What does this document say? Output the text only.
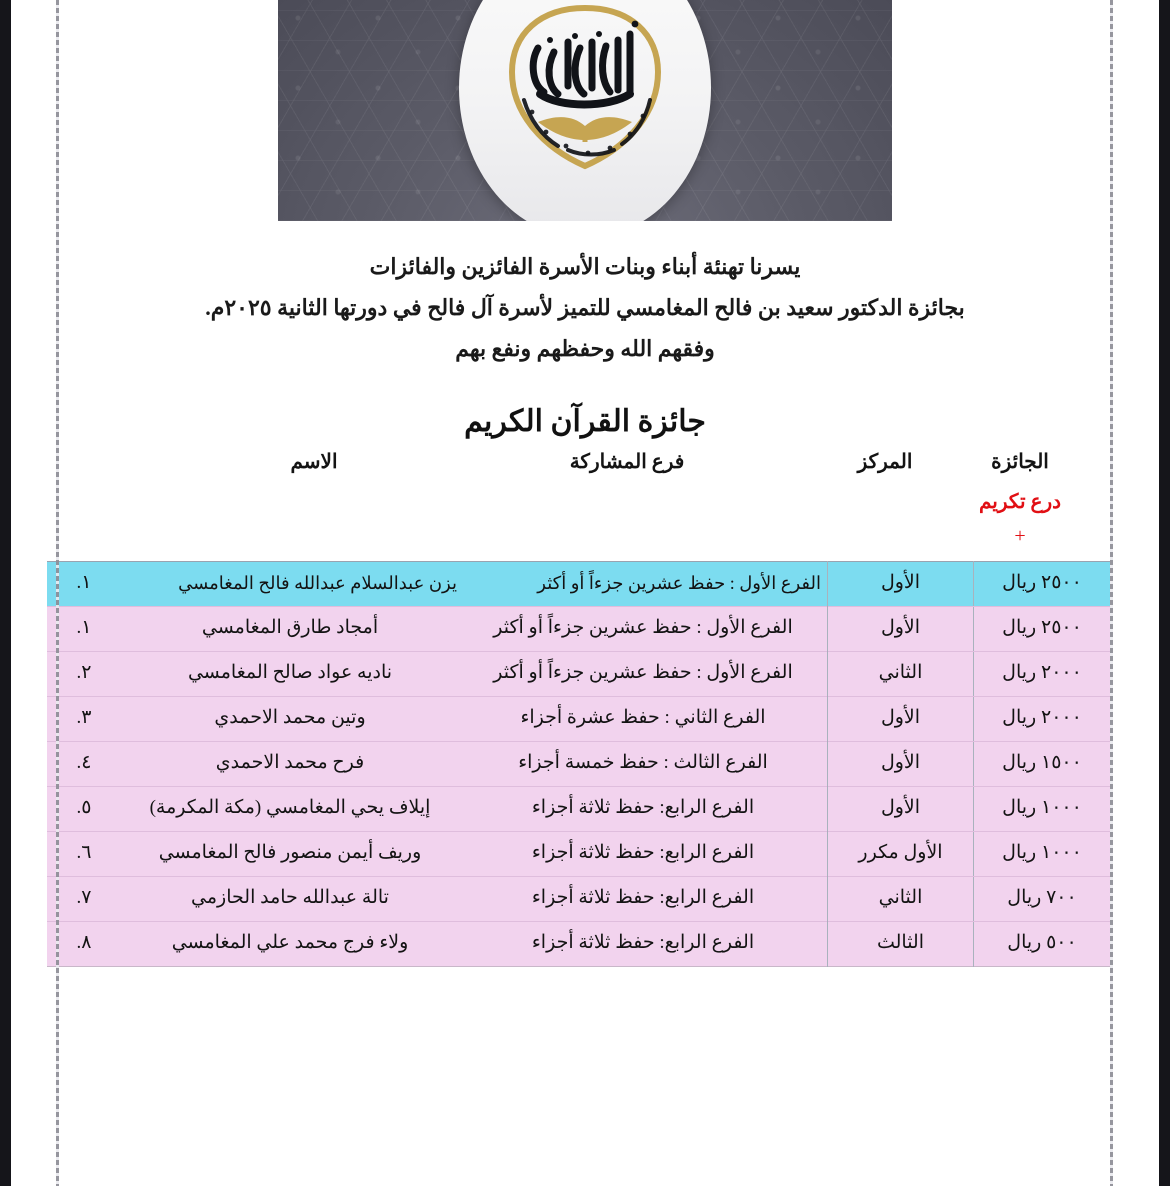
يسرنا تهنئة أبناء وبنات الأسرة الفائزين والفائزات
بجائزة الدكتور سعيد بن فالح المغامسي للتميز لأسرة آل فالح في دورتها الثانية ٢٠٢٥م.
وفقهم الله وحفظهم ونفع بهم
جائزة القرآن الكريم
الاسم	فرع المشاركة	المركز	الجائزة
درع تكريم
+
٢٥٠٠ ريال	الأول	الفرع الأول : حفظ عشرين جزءاً أو أكثر	يزن عبدالسلام عبدالله فالح المغامسي	١.
٢٥٠٠ ريال	الأول	الفرع الأول : حفظ عشرين جزءاً أو أكثر	أمجاد طارق المغامسي	١.
٢٠٠٠ ريال	الثاني	الفرع الأول : حفظ عشرين جزءاً أو أكثر	ناديه عواد صالح المغامسي	٢.
٢٠٠٠ ريال	الأول	الفرع الثاني : حفظ عشرة أجزاء	وتين محمد الاحمدي	٣.
١٥٠٠ ريال	الأول	الفرع الثالث : حفظ خمسة أجزاء	فرح محمد الاحمدي	٤.
١٠٠٠ ريال	الأول	الفرع الرابع: حفظ ثلاثة أجزاء	إيلاف يحي المغامسي (مكة المكرمة)	٥.
١٠٠٠ ريال	الأول مكرر	الفرع الرابع: حفظ ثلاثة أجزاء	وريف أيمن منصور فالح المغامسي	٦.
٧٠٠ ريال	الثاني	الفرع الرابع: حفظ ثلاثة أجزاء	تالة عبدالله حامد الحازمي	٧.
٥٠٠ ريال	الثالث	الفرع الرابع: حفظ ثلاثة أجزاء	ولاء فرج محمد علي المغامسي	٨.
